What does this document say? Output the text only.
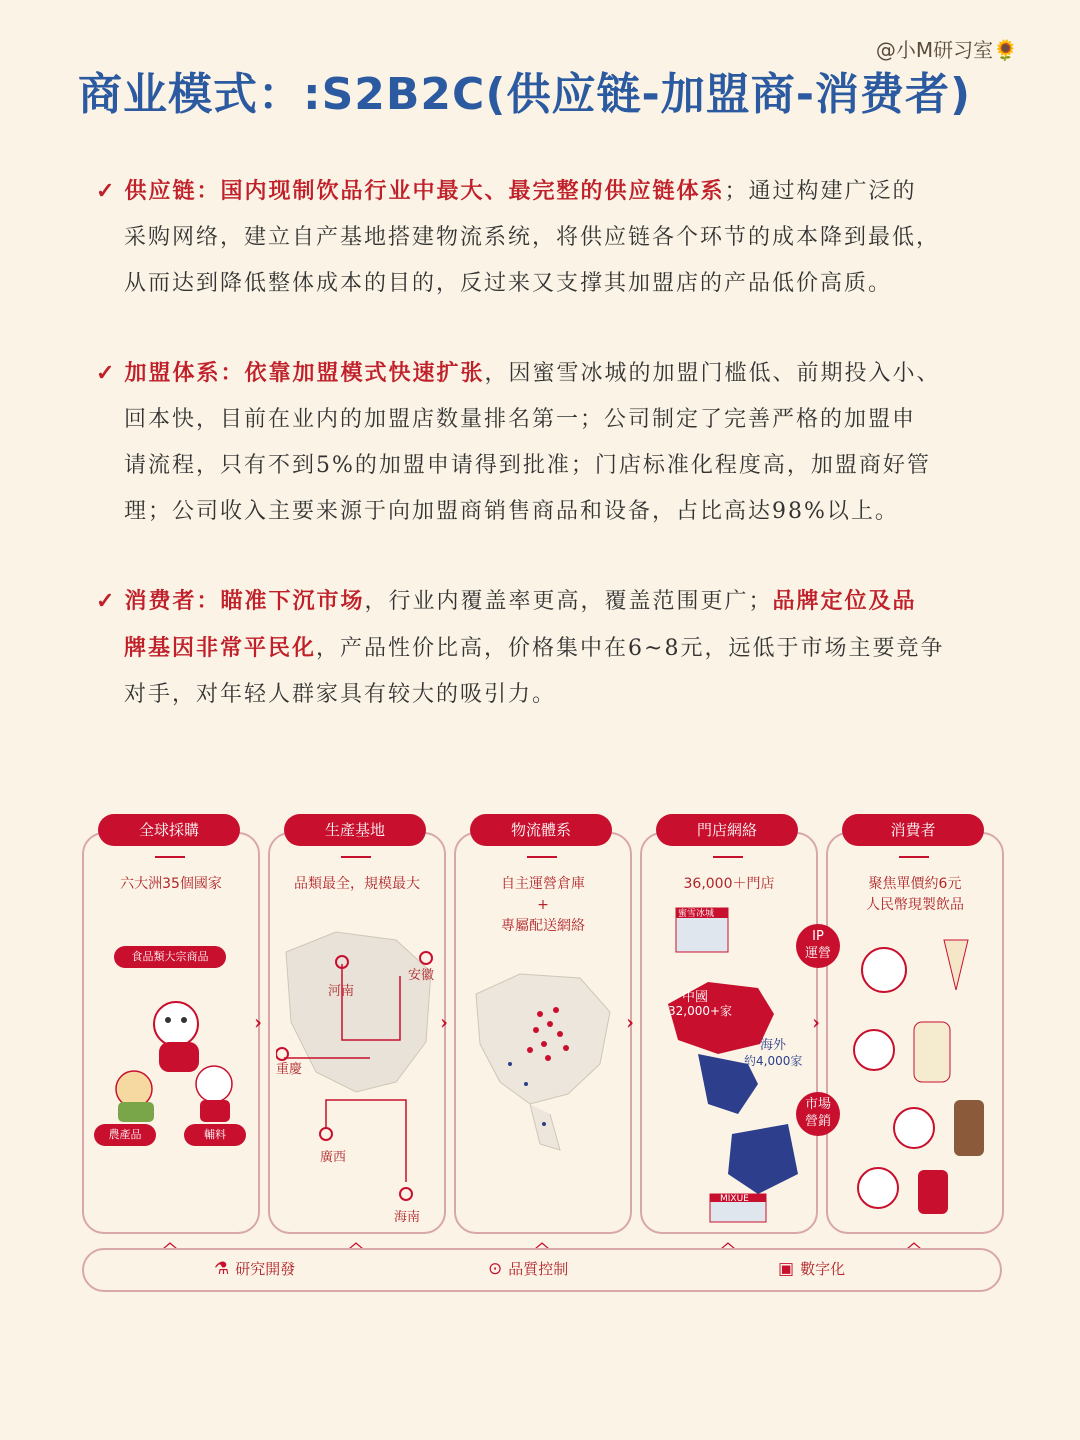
@小M研习室🌻
商业模式：:S2B2C(供应链-加盟商-消费者)
✓ 供应链：国内现制饮品行业中最大、最完整的供应链体系；通过构建广泛的
采购网络，建立自产基地搭建物流系统，将供应链各个环节的成本降到最低，
从而达到降低整体成本的目的，反过来又支撑其加盟店的产品低价高质。
✓ 加盟体系：依靠加盟模式快速扩张，因蜜雪冰城的加盟门槛低、前期投入小、
回本快，目前在业内的加盟店数量排名第一；公司制定了完善严格的加盟申
请流程，只有不到5%的加盟申请得到批准；门店标准化程度高，加盟商好管
理；公司收入主要来源于向加盟商销售商品和设备，占比高达98%以上。
✓ 消费者：瞄准下沉市场，行业内覆盖率更高，覆盖范围更广；品牌定位及品
牌基因非常平民化，产品性价比高，价格集中在6~8元，远低于市场主要竞争
对手，对年轻人群家具有较大的吸引力。
六大洲35個國家
食品類大宗商品
農產品	輔料
全球採購
品類最全，規模最大
河南
安徽
重慶
廣西
海南
生產基地
自主運營倉庫
+
專屬配送網絡
物流體系
36,000＋門店
蜜雪冰城
中國
32,000+家
海外
約4,000家
MIXUE
門店網絡
聚焦單價約6元
人民幣現製飲品
消費者
IP
運營
市場
營銷
›	›	›	›
︿	︿	︿	︿	︿
⚗ 研究開發	⊙ 品質控制	▣ 數字化
